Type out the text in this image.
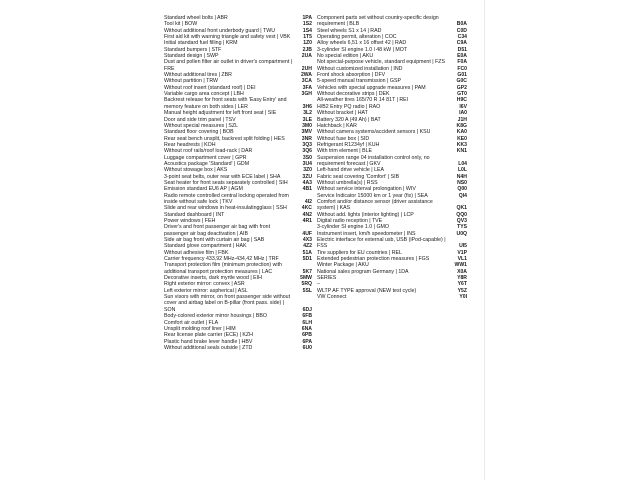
Standard wheel bolts | ABR	1PA
Tool kit | BOW	1S2
Without additional front underbody guard | TWU	1S4
First aid kit with warning triangle and safety vest | VBK	1T5
Initial standard fuel filling | KRM	1Z0
Standard bumpers | STF	2JB
Standard design | SWP	2UA
Dust and pollen filter air outlet in driver's compartment | FRE	2UH
Without additional tires | ZBR	2WA
Without partition | TRW	3CA
Without roof insert (standard roof) | DEI	3FA
Variable cargo area concept | LBH	3GH
Backrest release for front seats with 'Easy Entry' and memory feature on both sides | LER	3H6
Manual height adjustment for left front seat | SIE	3L2
Door and side trim panel | TSV	3LE
Without special measures | SZL	3M0
Standard floor covering | BOB	3MV
Rear seat bench unsplit, backrest split folding | HES	3NR
Rear headrests | KOH	3Q3
Without roof rails/roof load-rack | DAR	3Q6
Luggage compartment cover | GPR	3S0
Acoustics package 'Standard' | GDM	3U4
Without stowage box | AKS	3Z0
3-point seat belts, outer rear with ECE label | SHA	3ZU
Seat heater for front seats separately controlled | SIH	4A3
Emission standard EU6 AP | AGM	4B1
Radio remote controlled central locking operated from inside without safe lock | TKV	4I2
Slide and rear windows in heat-insulatingglass | SSH	4KC
Standard dashboard | INT	4N2
Power windows | FEH	4R1
Driver's and front passenger air bag with front passenger air bag deactivation | AIB	4UF
Side air bag front with curtain air bag | SAB	4X3
Standard glove compartment | HAK	4Z2
Without adhesive film | FBK	51A
Carrier frequency 433,92 MHz-434,42 MHz | TRF	5D1
Transport protection film (minimum protection) with additional transport protection measures | LAC	5K7
Decorative inserts, dark myrtle wood | EIH	5MW
Right exterior mirror: convex | ASR	5RQ
Left exterior mirror: aspherical | ASL	5SL
Sun visors with mirror, on front passenger side without cover and airbag label on B-pillar (front pass. side) | SON	6DJ
Body-colored exterior mirror housings | BBO	6FB
Comfort air outlet | FLA	6LH
Unsplit molding roof liner | HIM	6NA
Rear license plate carrier (ECE) | KZH	6PB
Plastic hand brake lever handle | HBV	6PA
Without additional seals outside | ZTD	6U0
Component parts set without country-specific design requirement | BLB	B0A
Steel wheels S1 x 14 | RAD	C0D
Operating permit, alteration | COC	C34
Alloy wheels 6,51 x 16 offset 42 | RAD	C9A
3-cylinder SI engine 1.0 l 48 kW | MOT	D51
No special edition | AKU	E0A
Not special-purpose vehicle, standard equipment | FZS	F0A
Without customized installation | IND	FC0
Front shock absorption | DFV	G01
5-speed manual transmission | GSP	G0C
Vehicles with special upgrade measures | PAM	GP2
Without decorative strips | DEK	GT0
All-weather tires 165/70 R 14 81T | REI	H9C
H/B2 Entry PQ radio | RAO	I6V
Without bracket | HAT	IA0
Battery 320 A (49 Ah) | BAT	J1H
Hatchback | KAR	K8G
Without camera systems/accident sensors | KSU	KA0
Without fuse box | SID	KE0
Refrigerant R1234yf | KUH	KK3
With trim element | BLE	KN1
Suspension range 04 installation control only, no requirement forecast | GKV	L04
Left-hand drive vehicle | LEA	L0L
Fabric seat covering 'Comfort' | SIB	N4H
Without umbrella(s) | RSS	NS0
Without service interval prolongation | WIV	Q00
Service Indicator 15000 km or 1 year (fix) | SEA	QI4
Comfort and/or distance sensor (driver assistance system) | KAS	QK1
Without add. lights (interior lighting) | LCP	QQ0
Digital radio reception | TVE	QV3
3-cylinder SI engine 1.0 | GMO	TYS
Instrument insert, km/h speedometer | INS	U0Q
Electric interface for external usb, USB (iPod-capable) | FSS	UI5
Tire suppliers for EU countries | REL	V1P
Extended pedestrian protection measures | FGS	VL1
Winter Package | AKU	WW1
National sales program Germany | 1DA	X0A
SERIES	Y8R
–	Y6T
WLTP AF TYPE approval (NEW test cycle)	Y5Z
VW Connect	Y0I
